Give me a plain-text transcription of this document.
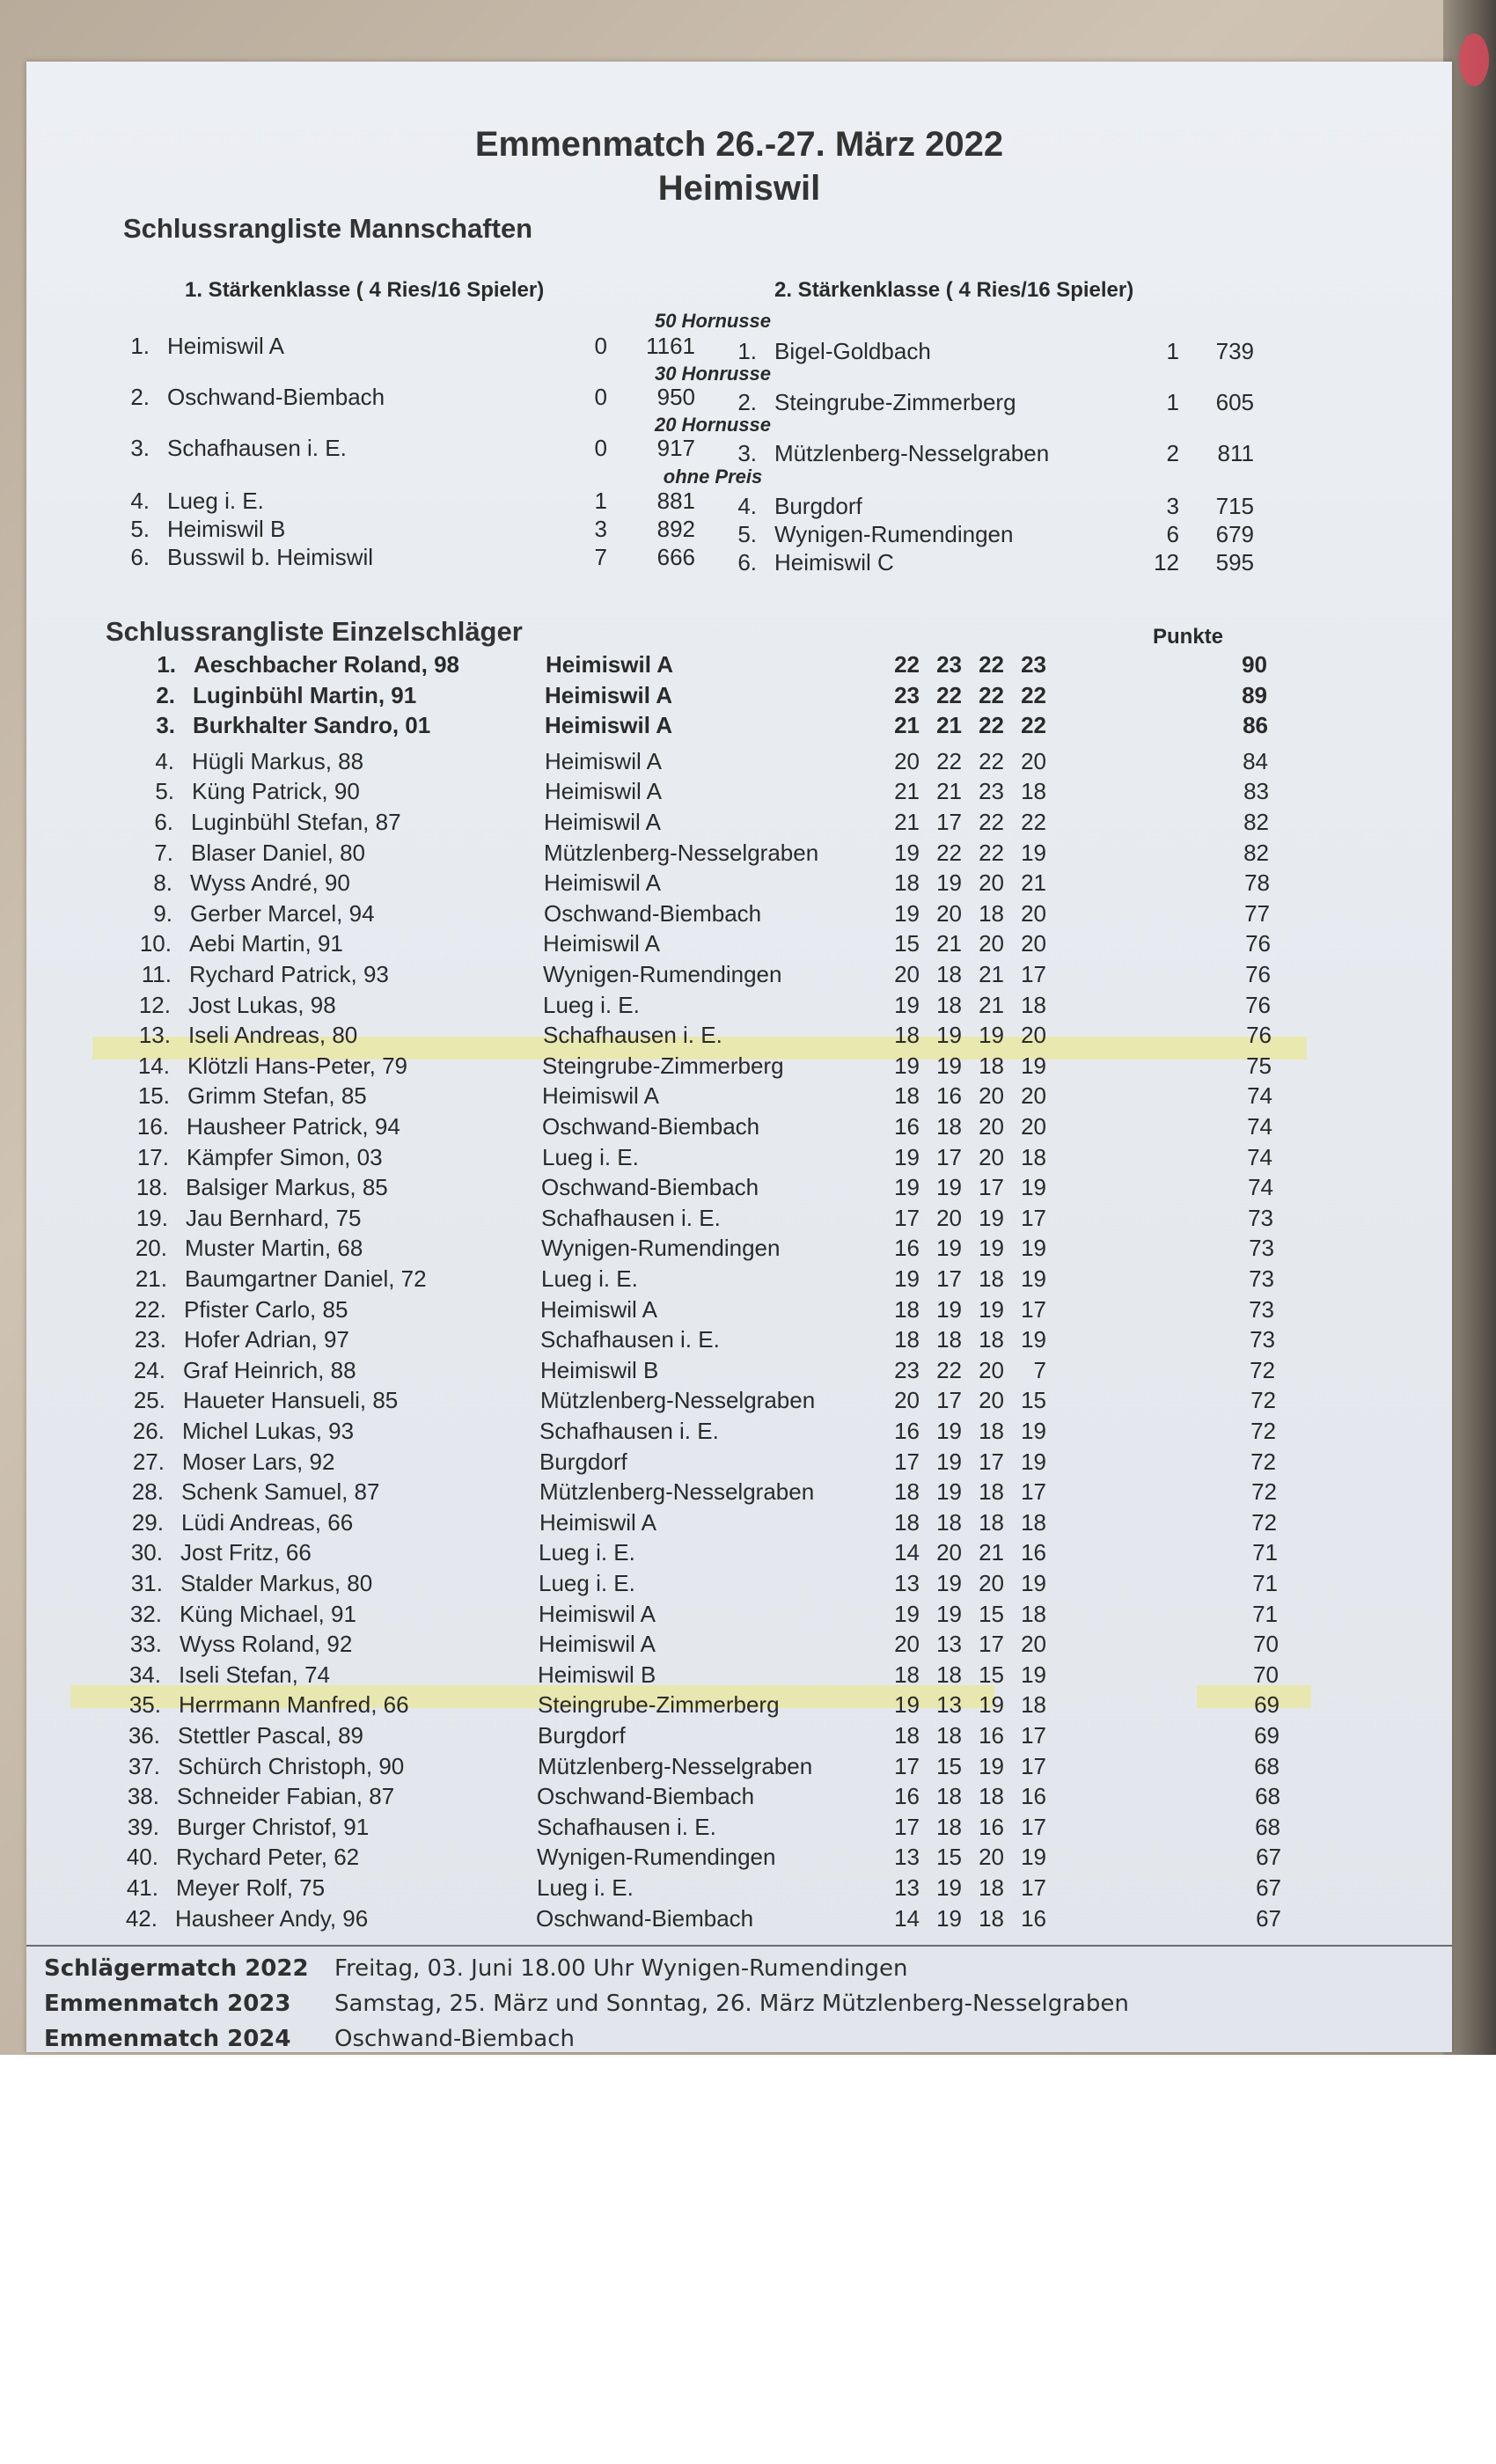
Emmenmatch 26.-27. März 2022
Heimiswil
Schlussrangliste Mannschaften
1. Stärkenklasse ( 4 Ries/16 Spieler)	2. Stärkenklasse ( 4 Ries/16 Spieler)
50 Hornusse
30 Honrusse
20 Hornusse
ohne Preis
1. Heimiswil A	0	1161
2. Oschwand-Biembach	0	950
3. Schafhausen i. E.	0	917
4. Lueg i. E.	1	881
5. Heimiswil B	3	892
6. Busswil b. Heimiswil	7	666
1. Bigel-Goldbach	1	739
2. Steingrube-Zimmerberg	1	605
3. Mützlenberg-Nesselgraben	2	811
4. Burgdorf	3	715
5. Wynigen-Rumendingen	6	679
6. Heimiswil C	12	595
Schlussrangliste Einzelschläger	Punkte
1. Aeschbacher Roland, 98	Heimiswil A	22 23 22 23	90
2. Luginbühl Martin, 91	Heimiswil A	23 22 22 22	89
3. Burkhalter Sandro, 01	Heimiswil A	21 21 22 22	86
4. Hügli Markus, 88	Heimiswil A	20 22 22 20	84
5. Küng Patrick, 90	Heimiswil A	21 21 23 18	83
6. Luginbühl Stefan, 87	Heimiswil A	21 17 22 22	82
7. Blaser Daniel, 80	Mützlenberg-Nesselgraben	19 22 22 19	82
8. Wyss André, 90	Heimiswil A	18 19 20 21	78
9. Gerber Marcel, 94	Oschwand-Biembach	19 20 18 20	77
10. Aebi Martin, 91	Heimiswil A	15 21 20 20	76
11. Rychard Patrick, 93	Wynigen-Rumendingen	20 18 21 17	76
12. Jost Lukas, 98	Lueg i. E.	19 18 21 18	76
13. Iseli Andreas, 80	Schafhausen i. E.	18 19 19 20	76
14. Klötzli Hans-Peter, 79	Steingrube-Zimmerberg	19 19 18 19	75
15. Grimm Stefan, 85	Heimiswil A	18 16 20 20	74
16. Hausheer Patrick, 94	Oschwand-Biembach	16 18 20 20	74
17. Kämpfer Simon, 03	Lueg i. E.	19 17 20 18	74
18. Balsiger Markus, 85	Oschwand-Biembach	19 19 17 19	74
19. Jau Bernhard, 75	Schafhausen i. E.	17 20 19 17	73
20. Muster Martin, 68	Wynigen-Rumendingen	16 19 19 19	73
21. Baumgartner Daniel, 72	Lueg i. E.	19 17 18 19	73
22. Pfister Carlo, 85	Heimiswil A	18 19 19 17	73
23. Hofer Adrian, 97	Schafhausen i. E.	18 18 18 19	73
24. Graf Heinrich, 88	Heimiswil B	23 22 20	7	72
25. Haueter Hansueli, 85	Mützlenberg-Nesselgraben	20 17 20 15	72
26. Michel Lukas, 93	Schafhausen i. E.	16 19 18 19	72
27. Moser Lars, 92	Burgdorf	17 19 17 19	72
28. Schenk Samuel, 87	Mützlenberg-Nesselgraben	18 19 18 17	72
29. Lüdi Andreas, 66	Heimiswil A	18 18 18 18	72
30. Jost Fritz, 66	Lueg i. E.	14 20 21 16	71
31. Stalder Markus, 80	Lueg i. E.	13 19 20 19	71
32. Küng Michael, 91	Heimiswil A	19 19 15 18	71
33. Wyss Roland, 92	Heimiswil A	20 13 17 20	70
34. Iseli Stefan, 74	Heimiswil B	18 18 15 19	70
35. Herrmann Manfred, 66	Steingrube-Zimmerberg	19 13 19 18	69
36. Stettler Pascal, 89	Burgdorf	18 18 16 17	69
37. Schürch Christoph, 90	Mützlenberg-Nesselgraben	17 15 19 17	68
38. Schneider Fabian, 87	Oschwand-Biembach	16 18 18 16	68
39. Burger Christof, 91	Schafhausen i. E.	17 18 16 17	68
40. Rychard Peter, 62	Wynigen-Rumendingen	13 15 20 19	67
41. Meyer Rolf, 75	Lueg i. E.	13 19 18 17	67
42. Hausheer Andy, 96	Oschwand-Biembach	14 19 18 16	67
Schlägermatch 2022 Freitag, 03. Juni 18.00 Uhr Wynigen-Rumendingen
Emmenmatch 2023 Samstag, 25. März und Sonntag, 26. März Mützlenberg-Nesselgraben
Emmenmatch 2024 Oschwand-Biembach
